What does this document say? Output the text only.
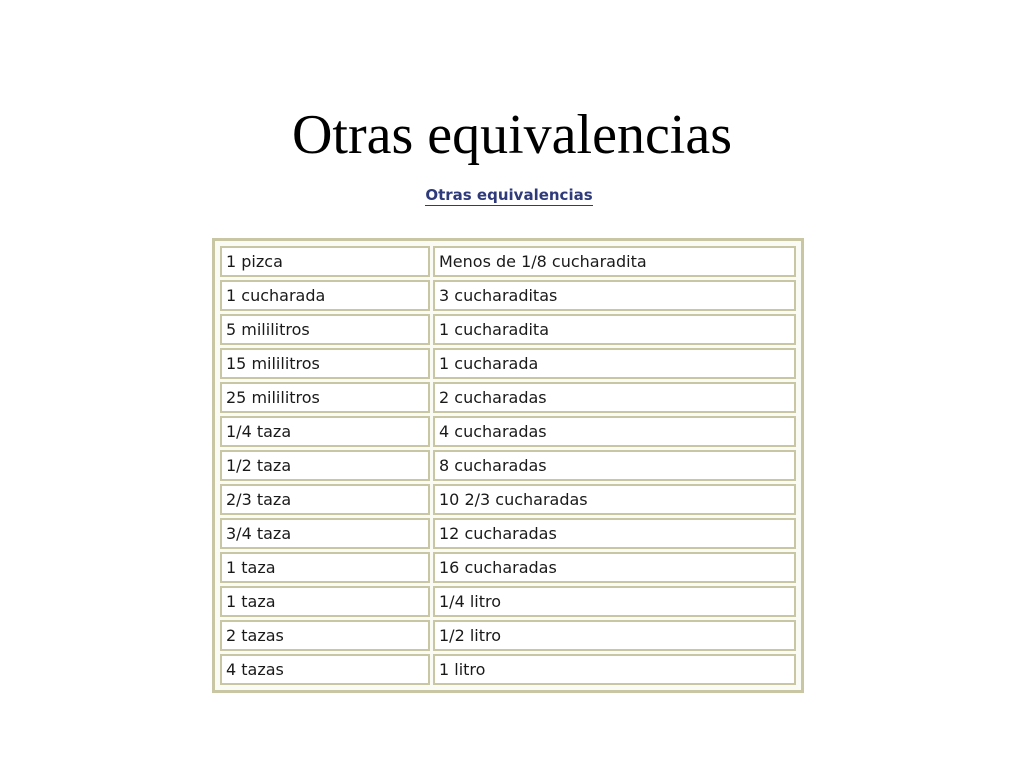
Otras equivalencias
Otras equivalencias
1 pizca	Menos de 1/8 cucharadita
1 cucharada	3 cucharaditas
5 mililitros	1 cucharadita
15 mililitros	1 cucharada
25 mililitros	2 cucharadas
1/4 taza	4 cucharadas
1/2 taza	8 cucharadas
2/3 taza	10 2/3 cucharadas
3/4 taza	12 cucharadas
1 taza	16 cucharadas
1 taza	1/4 litro
2 tazas	1/2 litro
4 tazas	1 litro
